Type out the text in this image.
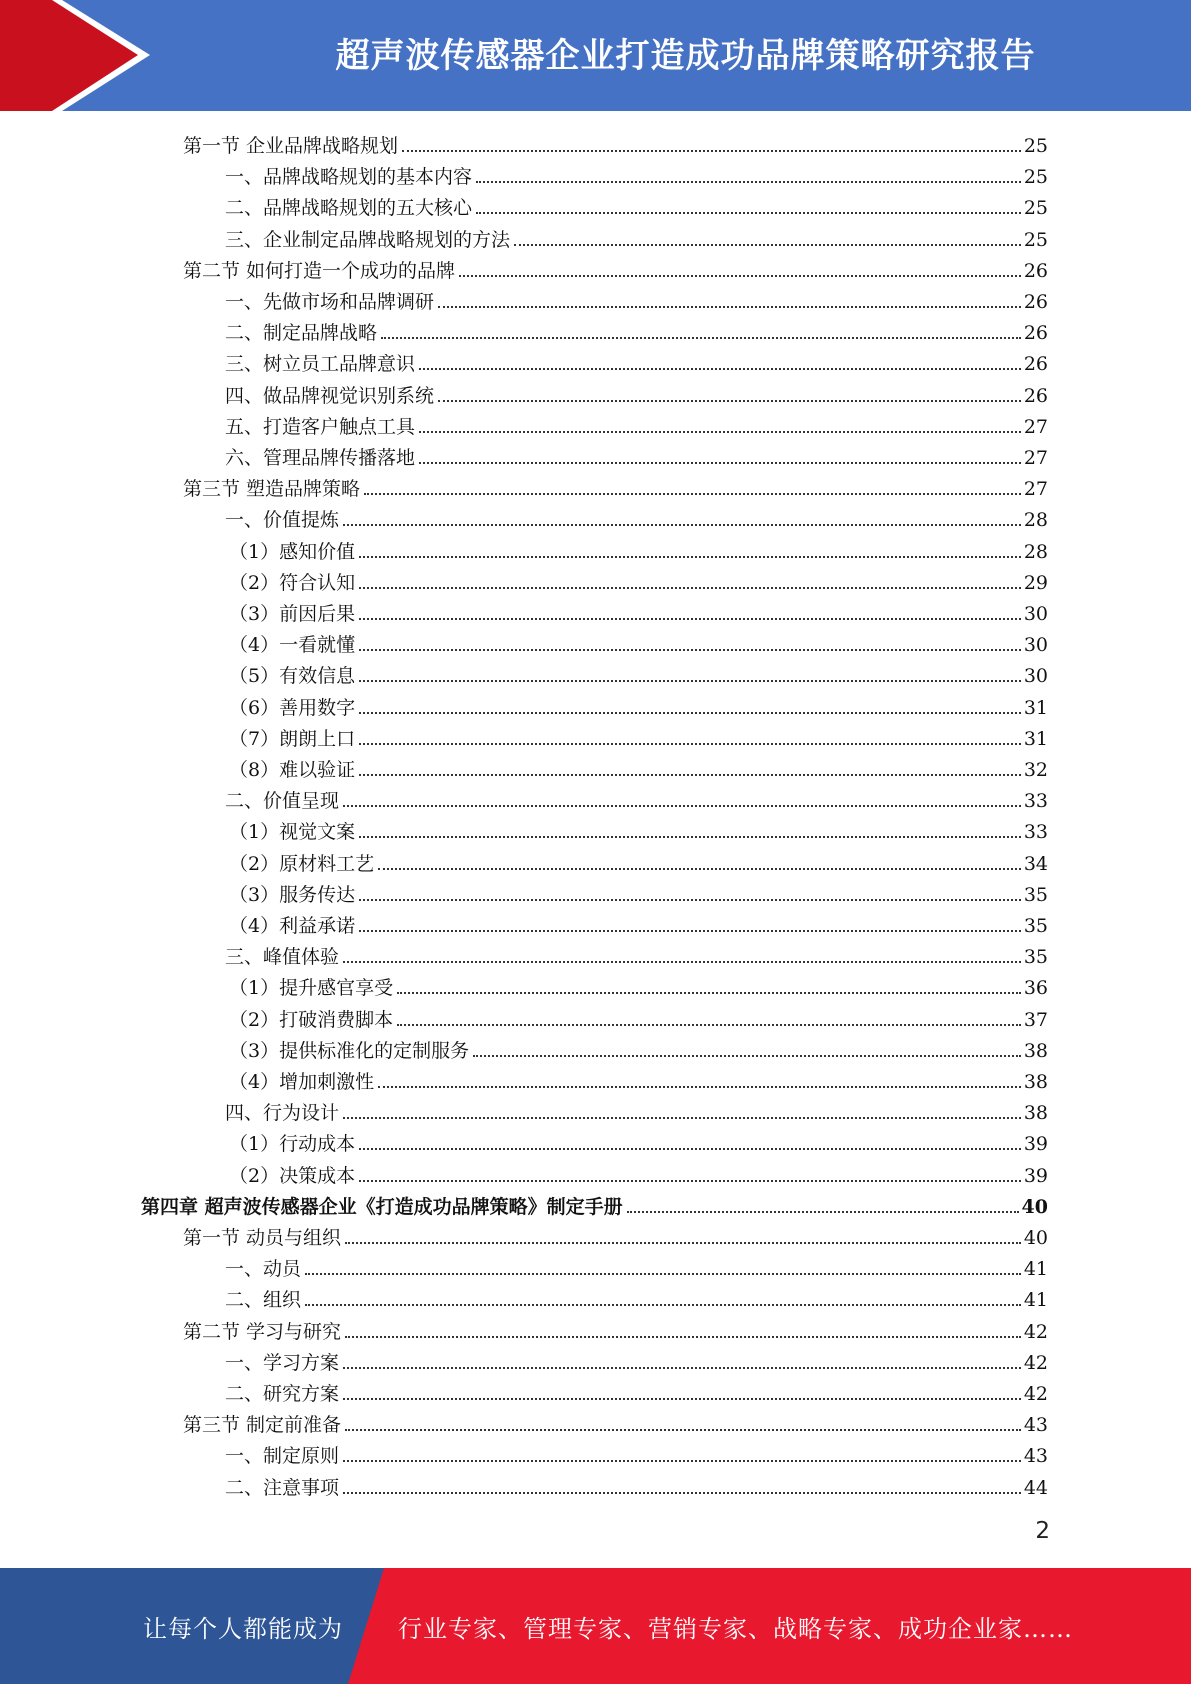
超声波传感器企业打造成功品牌策略研究报告
第一节 企业品牌战略规划	25
一、品牌战略规划的基本内容	25
二、品牌战略规划的五大核心	25
三、企业制定品牌战略规划的方法	25
第二节 如何打造一个成功的品牌	26
一、先做市场和品牌调研	26
二、制定品牌战略	26
三、树立员工品牌意识	26
四、做品牌视觉识别系统	26
五、打造客户触点工具	27
六、管理品牌传播落地	27
第三节 塑造品牌策略	27
一、价值提炼	28
（1）感知价值	28
（2）符合认知	29
（3）前因后果	30
（4）一看就懂	30
（5）有效信息	30
（6）善用数字	31
（7）朗朗上口	31
（8）难以验证	32
二、价值呈现	33
（1）视觉文案	33
（2）原材料工艺	34
（3）服务传达	35
（4）利益承诺	35
三、峰值体验	35
（1）提升感官享受	36
（2）打破消费脚本	37
（3）提供标准化的定制服务	38
（4）增加刺激性	38
四、行为设计	38
（1）行动成本	39
（2）决策成本	39
第四章 超声波传感器企业《打造成功品牌策略》制定手册	40
第一节 动员与组织	40
一、动员	41
二、组织	41
第二节 学习与研究	42
一、学习方案	42
二、研究方案	42
第三节 制定前准备	43
一、制定原则	43
二、注意事项	44
2
让每个人都能成为 行业专家、管理专家、营销专家、战略专家、成功企业家……
